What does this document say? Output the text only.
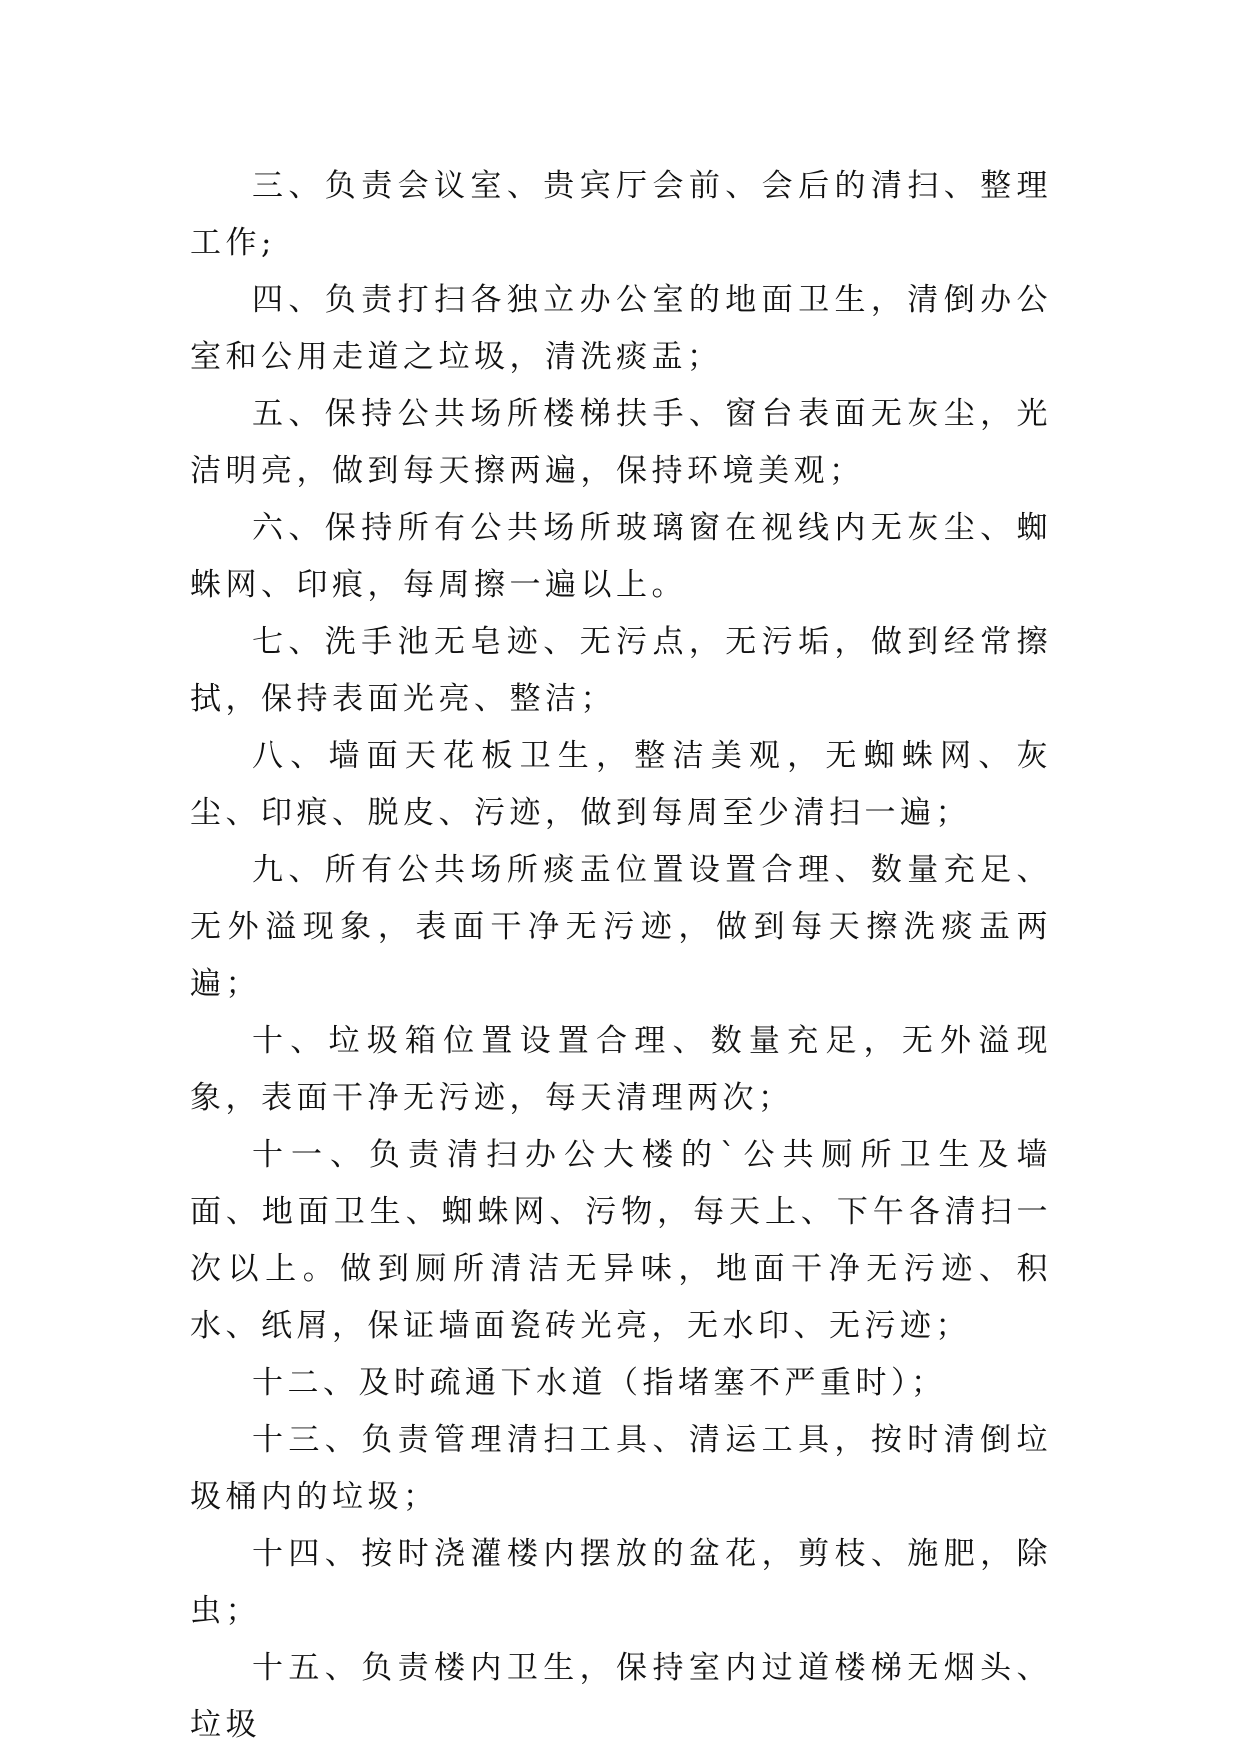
三、负责会议室、贵宾厅会前、会后的清扫、整理工作;

四、负责打扫各独立办公室的地面卫生，清倒办公室和公用走道之垃圾，清洗痰盂；

五、保持公共场所楼梯扶手、窗台表面无灰尘，光洁明亮，做到每天擦两遍，保持环境美观；

六、保持所有公共场所玻璃窗在视线内无灰尘、蜘蛛网、印痕，每周擦一遍以上。

七、洗手池无皂迹、无污点，无污垢，做到经常擦拭，保持表面光亮、整洁；

八、墙面天花板卫生，整洁美观，无蜘蛛网、灰尘、印痕、脱皮、污迹，做到每周至少清扫一遍；

九、所有公共场所痰盂位置设置合理、数量充足、无外溢现象，表面干净无污迹，做到每天擦洗痰盂两遍；

十、垃圾箱位置设置合理、数量充足，无外溢现象，表面干净无污迹，每天清理两次；

十一、负责清扫办公大楼的`公共厕所卫生及墙面、地面卫生、蜘蛛网、污物，每天上、下午各清扫一次以上。做到厕所清洁无异味，地面干净无污迹、积水、纸屑，保证墙面瓷砖光亮，无水印、无污迹；

十二、及时疏通下水道（指堵塞不严重时）；

十三、负责管理清扫工具、清运工具，按时清倒垃圾桶内的垃圾；

十四、按时浇灌楼内摆放的盆花，剪枝、施肥，除虫；

十五、负责楼内卫生，保持室内过道楼梯无烟头、垃圾
